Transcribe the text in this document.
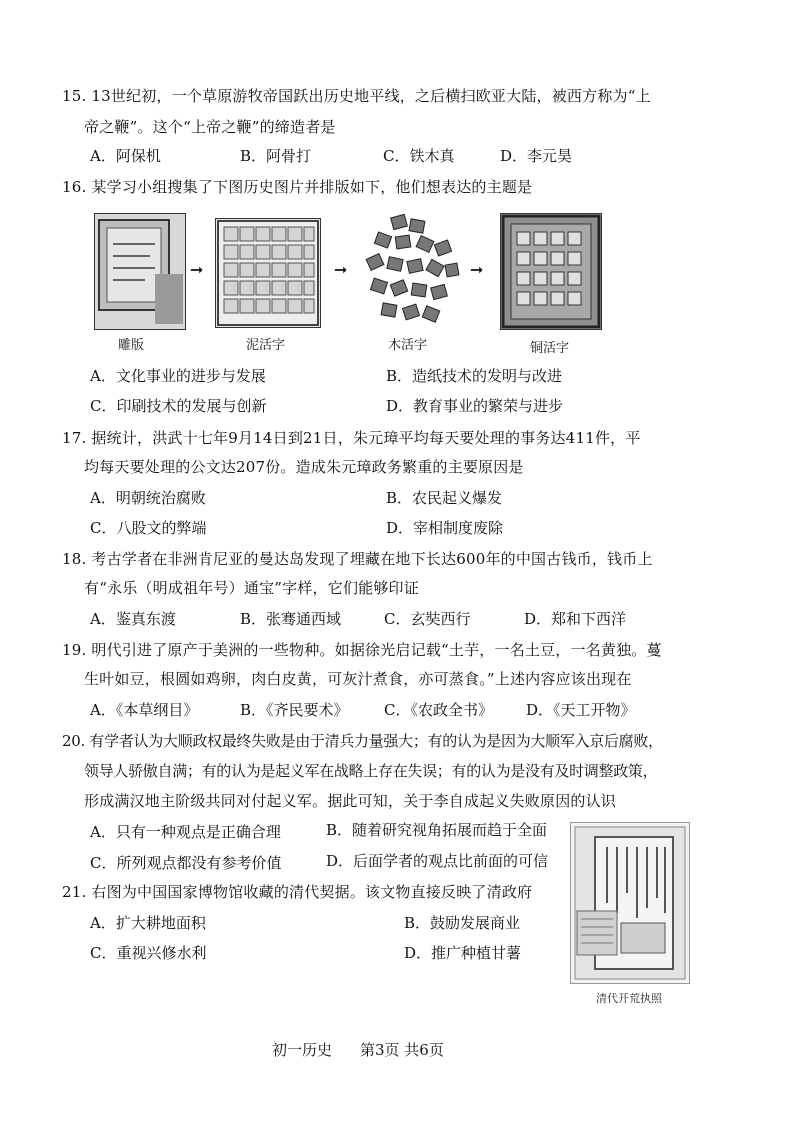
15. 13世纪初，一个草原游牧帝国跃出历史地平线，之后横扫欧亚大陆，被西方称为“上
帝之鞭”。这个“上帝之鞭”的缔造者是
A．阿保机	B．阿骨打	C．铁木真	D．李元昊
16. 某学习小组搜集了下图历史图片并排版如下，他们想表达的主题是
➞	➞	➞
雕版	泥活字	木活字	铜活字
A．文化事业的进步与发展	B．造纸技术的发明与改进
C．印刷技术的发展与创新	D．教育事业的繁荣与进步
17. 据统计，洪武十七年9月14日到21日，朱元璋平均每天要处理的事务达411件，平
均每天要处理的公文达207份。造成朱元璋政务繁重的主要原因是
A．明朝统治腐败	B．农民起义爆发
C．八股文的弊端	D．宰相制度废除
18. 考古学者在非洲肯尼亚的曼达岛发现了埋藏在地下长达600年的中国古钱币，钱币上
有“永乐（明成祖年号）通宝”字样，它们能够印证
A．鉴真东渡	B．张骞通西域	C．玄奘西行	D．郑和下西洋
19. 明代引进了原产于美洲的一些物种。如据徐光启记载“土芋，一名土豆，一名黄独。蔓
生叶如豆，根圆如鸡卵，肉白皮黄，可灰汁煮食，亦可蒸食。”上述内容应该出现在
A．《本草纲目》	B．《齐民要术》 C．《农政全书》 D．《天工开物》
20. 有学者认为大顺政权最终失败是由于清兵力量强大；有的认为是因为大顺军入京后腐败，
领导人骄傲自满；有的认为是起义军在战略上存在失误；有的认为是没有及时调整政策，
形成满汉地主阶级共同对付起义军。据此可知，关于李自成起义失败原因的认识
A．只有一种观点是正确合理	B．随着研究视角拓展而趋于全面
C．所列观点都没有参考价值	D．后面学者的观点比前面的可信
21. 右图为中国国家博物馆收藏的清代契据。该文物直接反映了清政府
A．扩大耕地面积	B．鼓励发展商业
C．重视兴修水利	D．推广种植甘薯
清代开荒执照
初一历史 第3页 共6页
